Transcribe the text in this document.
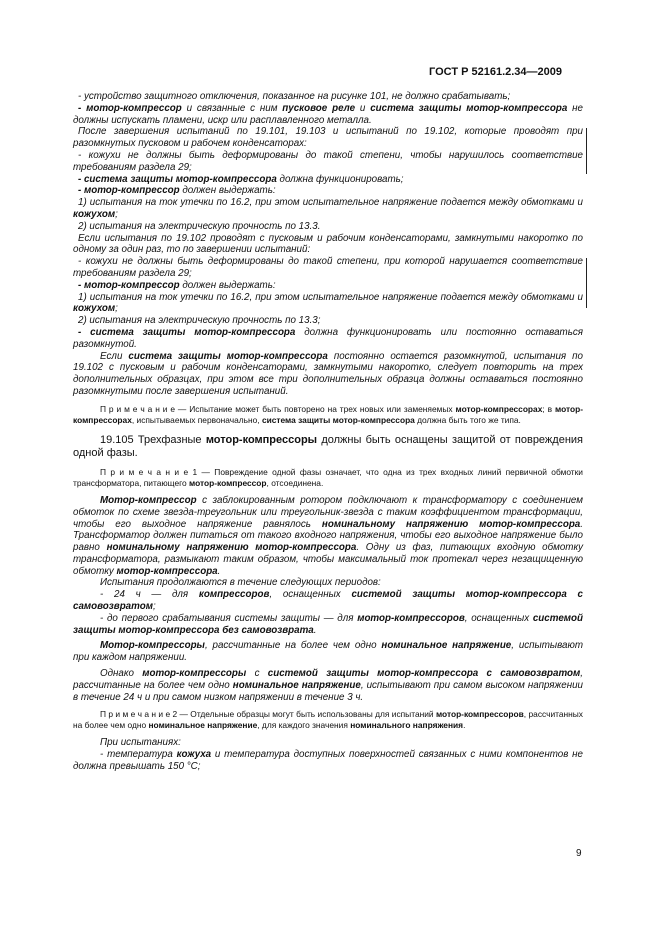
ГОСТ Р 52161.2.34—2009

- устройство защитного отключения, показанное на рисунке 101, не должно срабатывать;

- мотор-компрессор и связанные с ним пусковое реле и система защиты мотор-компрессора не должны испускать пламени, искр или расплавленного металла.

После завершения испытаний по 19.101, 19.103 и испытаний по 19.102, которые проводят при разомкнутых пусковом и рабочем конденсаторах:

- кожухи не должны быть деформированы до такой степени, чтобы нарушилось соответствие требованиям раздела 29;

- система защиты мотор-компрессора должна функционировать;

- мотор-компрессор должен выдержать:

1) испытания на ток утечки по 16.2, при этом испытательное напряжение подается между обмотками и кожухом;

2) испытания на электрическую прочность по 13.3.

Если испытания по 19.102 проводят с пусковым и рабочим конденсаторами, замкнутыми накоротко по одному за один раз, то по завершении испытаний:

- кожухи не должны быть деформированы до такой степени, при которой нарушается соответствие требованиям раздела 29;

- мотор-компрессор должен выдержать:

1) испытания на ток утечки по 16.2, при этом испытательное напряжение подается между обмотками и кожухом;

2) испытания на электрическую прочность по 13.3;

- система защиты мотор-компрессора должна функционировать или постоянно оставаться разомкнутой.

Если система защиты мотор-компрессора постоянно остается разомкнутой, испытания по 19.102 с пусковым и рабочим конденсаторами, замкнутыми накоротко, следует повторить на трех дополнительных образцах, при этом все три дополнительных образца должны оставаться постоянно разомкнутыми после завершения испытаний.

П р и м е ч а н и е — Испытание может быть повторено на трех новых или заменяемых мотор-компрессорах; в мотор-компрессорах, испытываемых первоначально, система защиты мотор-компрессора должна быть того же типа.

19.105 Трехфазные мотор-компрессоры должны быть оснащены защитой от повреждения одной фазы.

П р и м е ч а н и е 1 — Повреждение одной фазы означает, что одна из трех входных линий первичной обмотки трансформатора, питающего мотор-компрессор, отсоединена.

Мотор-компрессор с заблокированным ротором подключают к трансформатору с соединением обмоток по схеме звезда-треугольник или треугольник-звезда с таким коэффициентом трансформации, чтобы его выходное напряжение равнялось номинальному напряжению мотор-компрессора. Трансформатор должен питаться от такого входного напряжения, чтобы его выходное напряжение было равно номинальному напряжению мотор-компрессора. Одну из фаз, питающих входную обмотку трансформатора, размыкают таким образом, чтобы максимальный ток протекал через незащищенную обмотку мотор-компрессора.

Испытания продолжаются в течение следующих периодов:

- 24 ч — для компрессоров, оснащенных системой защиты мотор-компрессора с самовозвратом;

- до первого срабатывания системы защиты — для мотор-компрессоров, оснащенных системой защиты мотор-компрессора без самовозврата.

Мотор-компрессоры, рассчитанные на более чем одно номинальное напряжение, испытывают при каждом напряжении.

Однако мотор-компрессоры с системой защиты мотор-компрессора с самовозвратом, рассчитанные на более чем одно номинальное напряжение, испытывают при самом высоком напряжении в течение 24 ч и при самом низком напряжении в течение 3 ч.

П р и м е ч а н и е 2 — Отдельные образцы могут быть использованы для испытаний мотор-компрессоров, рассчитанных на более чем одно номинальное напряжение, для каждого значения номинального напряжения.

При испытаниях:

- температура кожуха и температура доступных поверхностей связанных с ними компонентов не должна превышать 150 °С;

9
